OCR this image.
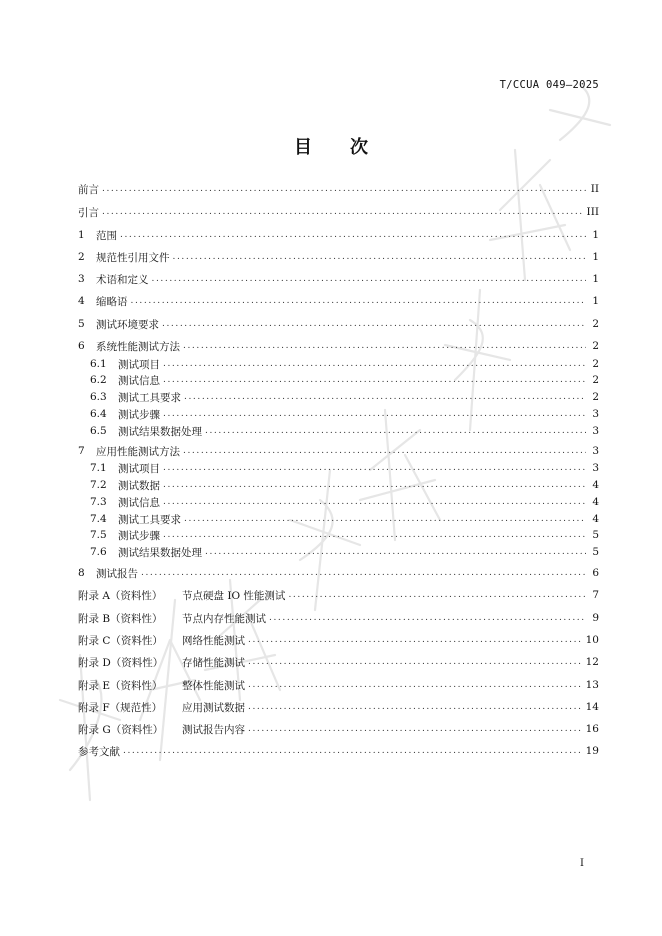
T/CCUA 049—2025
目 次
前言 .....	II
引言 .....	III
1	范围 .....	1
2	规范性引用文件 .....	1
3	术语和定义 .....	1
4	缩略语 .....	1
5	测试环境要求 .....	2
6	系统性能测试方法 .....	2
6.1	测试项目 .....	2
6.2	测试信息 .....	2
6.3	测试工具要求 .....	2
6.4	测试步骤 .....	3
6.5	测试结果数据处理 .....	3
7	应用性能测试方法 .....	3
7.1	测试项目 .....	3
7.2	测试数据 .....	4
7.3	测试信息 .....	4
7.4	测试工具要求 .....	4
7.5	测试步骤 .....	5
7.6	测试结果数据处理 .....	5
8	测试报告 .....	6
附录 A（资料性）	节点硬盘 IO 性能测试 .....	7
附录 B（资料性）	节点内存性能测试 .....	9
附录 C（资料性）	网络性能测试 .....	10
附录 D（资料性）	存储性能测试 .....	12
附录 E（资料性）	整体性能测试 .....	13
附录 F（规范性）	应用测试数据 .....	14
附录 G（资料性）	测试报告内容 .....	16
参考文献 .....	19
I
